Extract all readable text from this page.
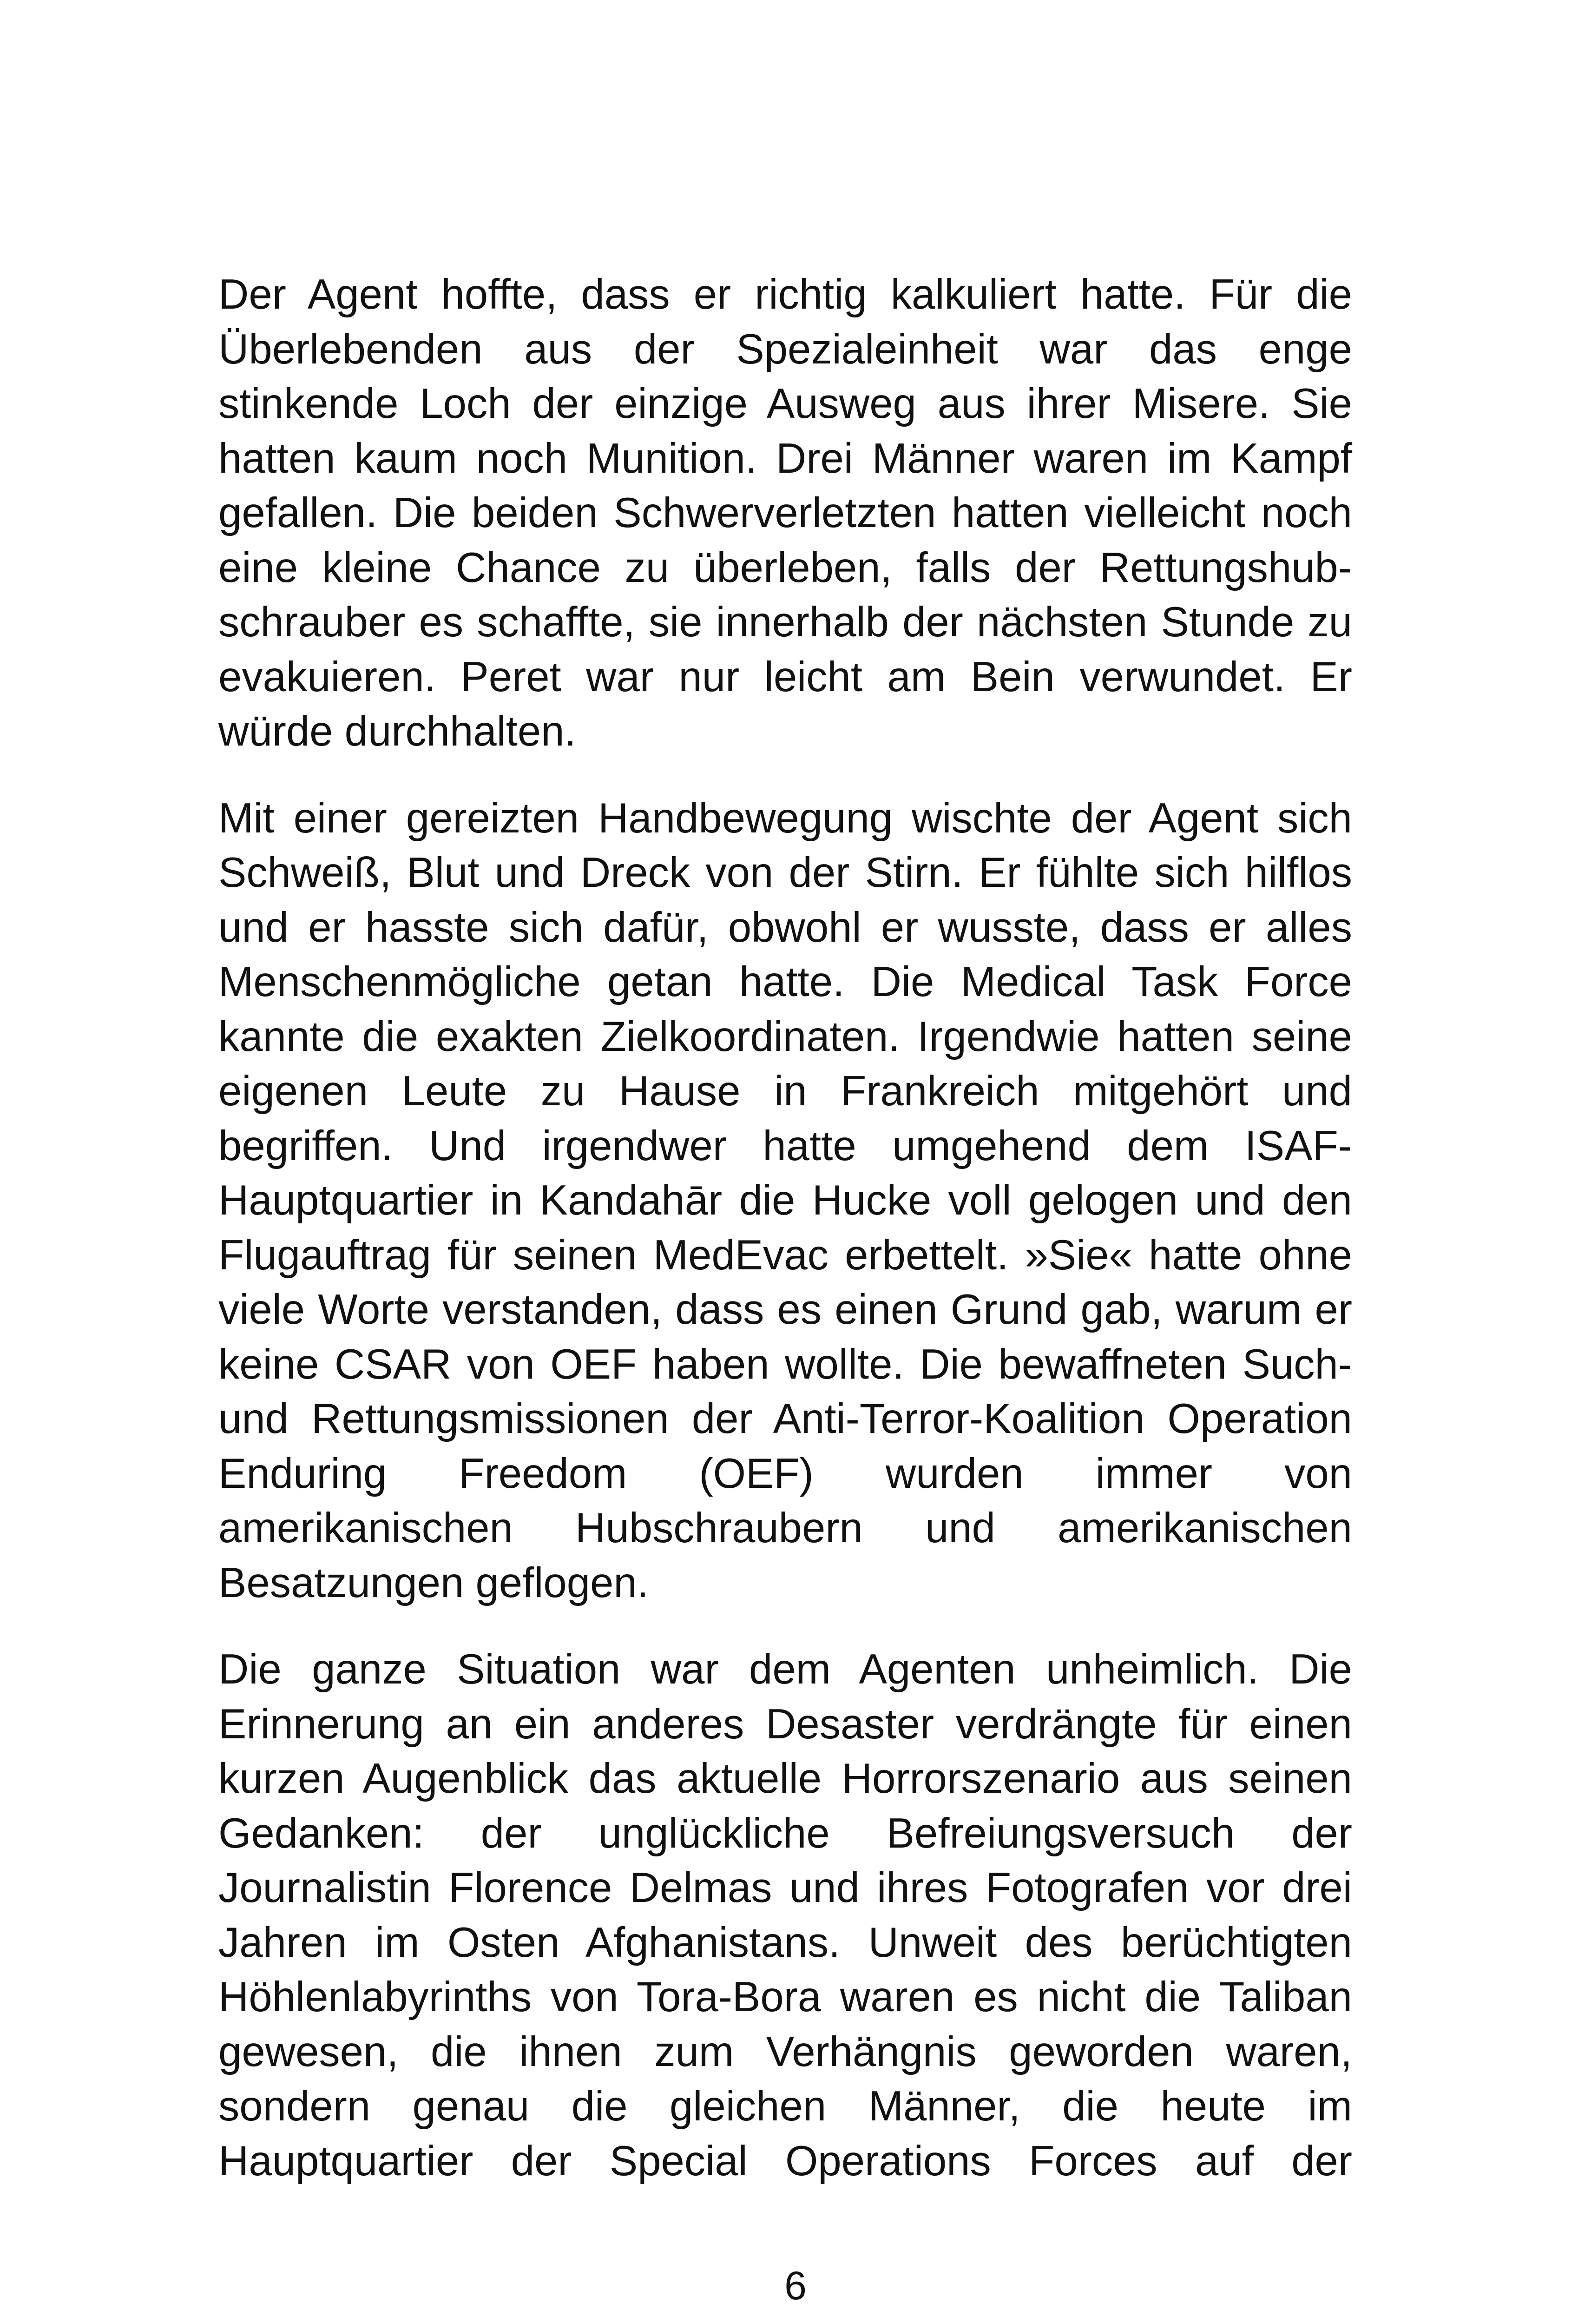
Der Agent hoffte, dass er richtig kalkuliert hatte. Für die Überlebenden aus der Spezialeinheit war das enge stinkende Loch der einzige Ausweg aus ihrer Misere. Sie hatten kaum noch Munition. Drei Männer waren im Kampf gefallen. Die beiden Schwerverletzten hatten vielleicht noch eine kleine Chance zu überleben, falls der Rettungshubschrauber es schaffte, sie innerhalb der nächsten Stunde zu evakuieren. Peret war nur leicht am Bein verwundet. Er würde durchhalten.

Mit einer gereizten Handbewegung wischte der Agent sich Schweiß, Blut und Dreck von der Stirn. Er fühlte sich hilflos und er hasste sich dafür, obwohl er wusste, dass er alles Menschenmögliche getan hatte. Die Medical Task Force kannte die exakten Zielkoordinaten. Irgendwie hatten seine eigenen Leute zu Hause in Frankreich mitgehört und begriffen. Und irgendwer hatte umgehend dem ISAF-Hauptquartier in Kandahār die Hucke voll gelogen und den Flugauftrag für seinen MedEvac erbettelt. »Sie« hatte ohne viele Worte verstanden, dass es einen Grund gab, warum er keine CSAR von OEF haben wollte. Die bewaffneten Such- und Rettungsmissionen der Anti-Terror-Koalition Operation Enduring Freedom (OEF) wurden immer von amerikanischen Hubschraubern und amerikanischen Besatzungen geflogen.

Die ganze Situation war dem Agenten unheimlich. Die Erinnerung an ein anderes Desaster verdrängte für einen kurzen Augenblick das aktuelle Horrorszenario aus seinen Gedanken: der unglückliche Befreiungsversuch der Journalistin Florence Delmas und ihres Fotografen vor drei Jahren im Osten Afghanistans. Unweit des berüchtigten Höhlenlabyrinths von Tora-Bora waren es nicht die Taliban gewesen, die ihnen zum Verhängnis geworden waren, sondern genau die gleichen Männer, die heute im Hauptquartier der Special Operations Forces auf der

6
